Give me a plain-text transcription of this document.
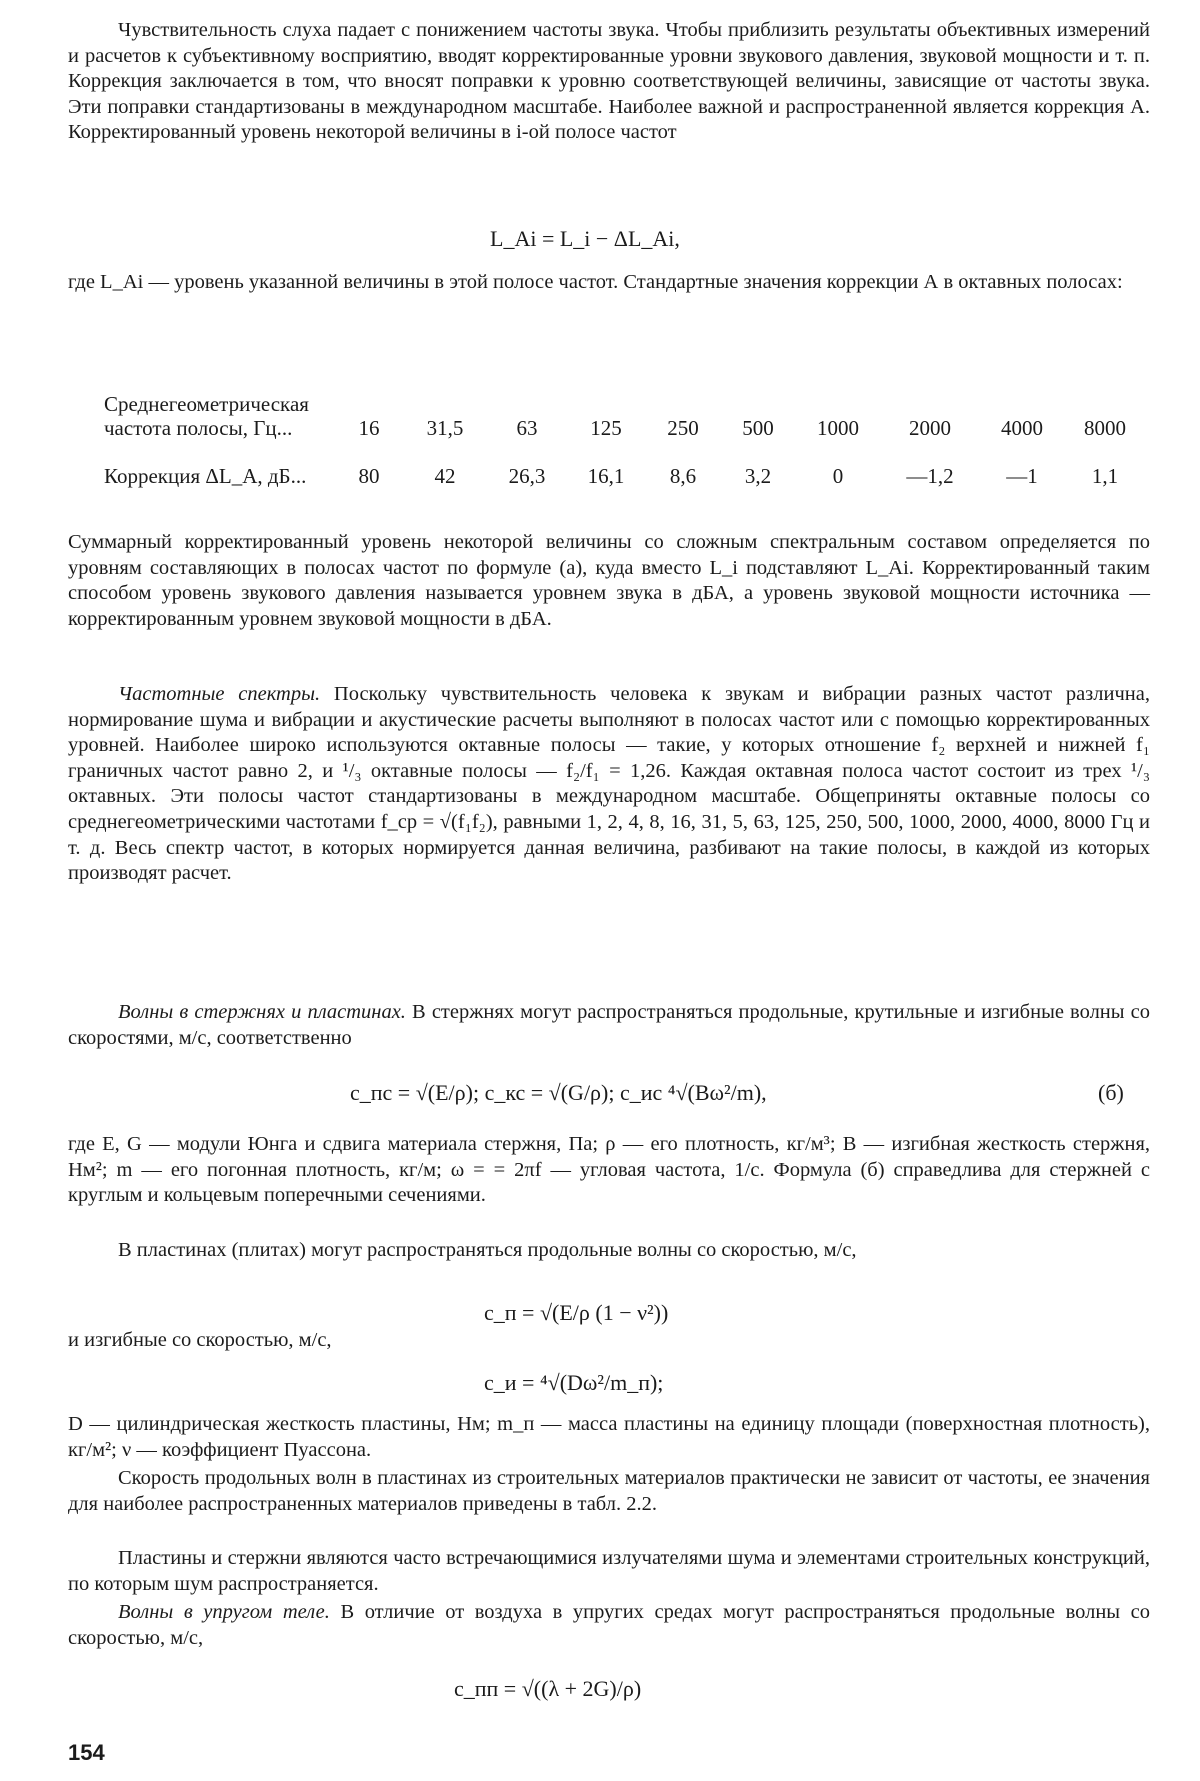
Чувствительность слуха падает с понижением частоты звука. Чтобы приблизить результаты объективных измерений и расчетов к субъективному восприятию, вводят корректированные уровни звукового давления, звуковой мощности и т. п. Коррекция заключается в том, что вносят поправки к уровню соответствующей величины, зависящие от частоты звука. Эти поправки стандартизованы в международном масштабе. Наиболее важной и распространенной является коррекция А. Корректированный уровень некоторой величины в i-ой полосе частот

L_Ai = L_i − ΔL_Ai,

где L_Ai — уровень указанной величины в этой полосе частот. Стандартные значения коррекции А в октавных полосах:

Среднегеометрическая частота полосы, Гц...	16	31,5	63	125	250	500	1000	2000	4000	8000
Коррекция ΔL_A, дБ...	80	42	26,3	16,1	8,6	3,2	0	—1,2	—1	1,1

Суммарный корректированный уровень некоторой величины со сложным спектральным составом определяется по уровням составляющих в полосах частот по формуле (а), куда вместо L_i подставляют L_Ai. Корректированный таким способом уровень звукового давления называется уровнем звука в дБА, а уровень звуковой мощности источника — корректированным уровнем звуковой мощности в дБА.

Частотные спектры. Поскольку чувствительность человека к звукам и вибрации разных частот различна, нормирование шума и вибрации и акустические расчеты выполняют в полосах частот или с помощью корректированных уровней. Наиболее широко используются октавные полосы — такие, у которых отношение f₂ верхней и нижней f₁ граничных частот равно 2, и ¹/₃ октавные полосы — f₂/f₁ = 1,26. Каждая октавная полоса частот состоит из трех ¹/₃ октавных. Эти полосы частот стандартизованы в международном масштабе. Общеприняты октавные полосы со среднегеометрическими частотами f_ср = √(f₁f₂), равными 1, 2, 4, 8, 16, 31, 5, 63, 125, 250, 500, 1000, 2000, 4000, 8000 Гц и т. д. Весь спектр частот, в которых нормируется данная величина, разбивают на такие полосы, в каждой из которых производят расчет.

Волны в стержнях и пластинах. В стержнях могут распространяться продольные, крутильные и изгибные волны со скоростями, м/с, соответственно

c_пс = √(E/ρ); c_кс = √(G/ρ); c_ис ⁴√(Bω²/m),	(б)

где E, G — модули Юнга и сдвига материала стержня, Па; ρ — его плотность, кг/м³; B — изгибная жесткость стержня, Нм²; m — его погонная плотность, кг/м; ω = = 2πf — угловая частота, 1/с. Формула (б) справедлива для стержней с круглым и кольцевым поперечными сечениями.

В пластинах (плитах) могут распространяться продольные волны со скоростью, м/с,

c_п = √(E/ρ (1 − ν²))

и изгибные со скоростью, м/с,

c_и = ⁴√(Dω²/m_п);

D — цилиндрическая жесткость пластины, Нм; m_п — масса пластины на единицу площади (поверхностная плотность), кг/м²; ν — коэффициент Пуассона.

Скорость продольных волн в пластинах из строительных материалов практически не зависит от частоты, ее значения для наиболее распространенных материалов приведены в табл. 2.2.

Пластины и стержни являются часто встречающимися излучателями шума и элементами строительных конструкций, по которым шум распространяется.

Волны в упругом теле. В отличие от воздуха в упругих средах могут распространяться продольные волны со скоростью, м/с,

c_пп = √((λ + 2G)/ρ)
154
